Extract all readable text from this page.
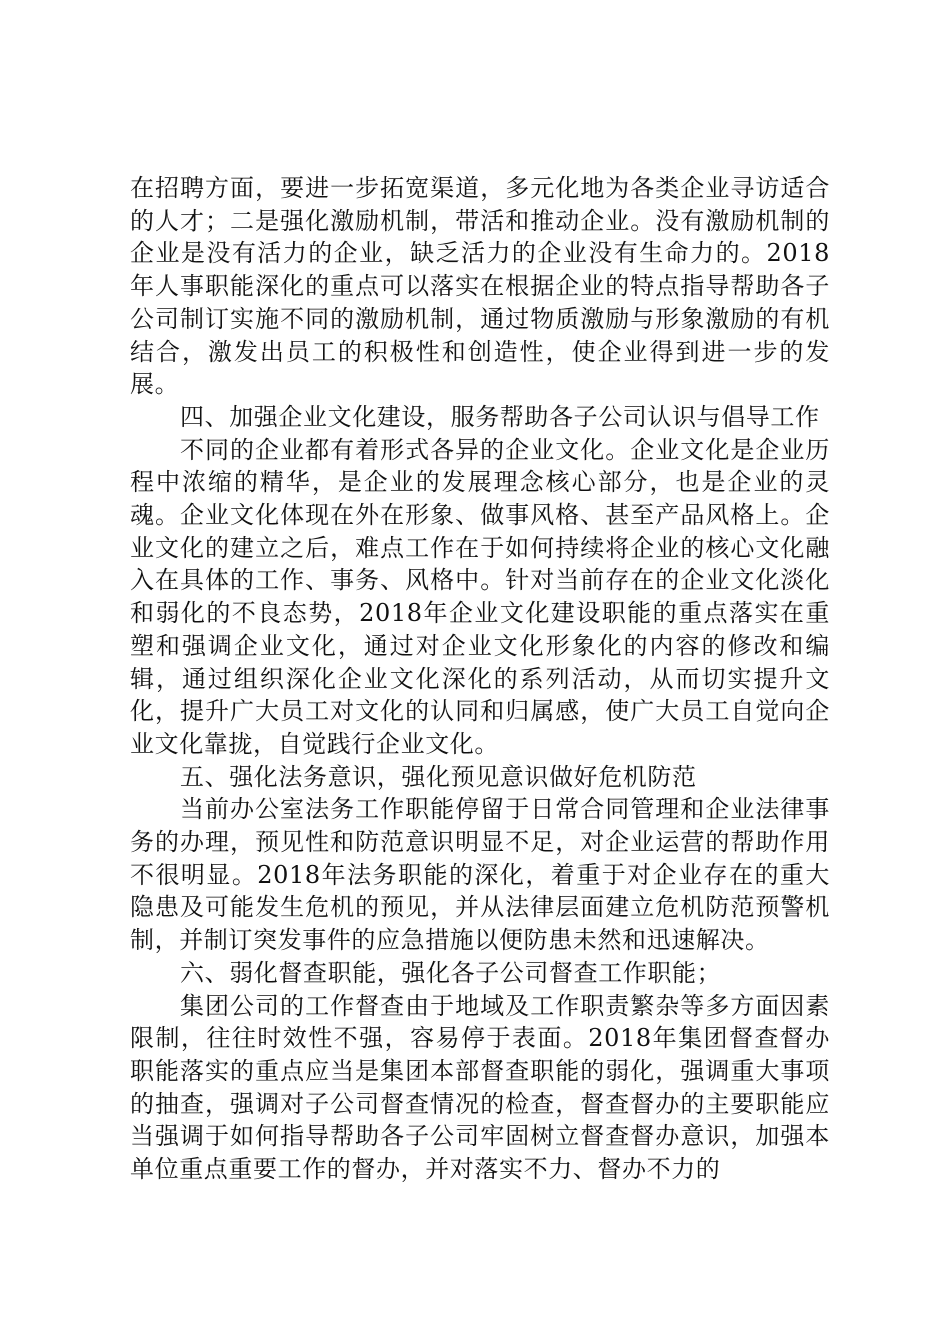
在招聘方面，要进一步拓宽渠道，多元化地为各类企业寻访适合的人才；二是强化激励机制，带活和推动企业。没有激励机制的企业是没有活力的企业，缺乏活力的企业没有生命力的。2018年人事职能深化的重点可以落实在根据企业的特点指导帮助各子公司制订实施不同的激励机制，通过物质激励与形象激励的有机结合，激发出员工的积极性和创造性，使企业得到进一步的发展。

四、加强企业文化建设，服务帮助各子公司认识与倡导工作

不同的企业都有着形式各异的企业文化。企业文化是企业历程中浓缩的精华，是企业的发展理念核心部分，也是企业的灵魂。企业文化体现在外在形象、做事风格、甚至产品风格上。企业文化的建立之后，难点工作在于如何持续将企业的核心文化融入在具体的工作、事务、风格中。针对当前存在的企业文化淡化和弱化的不良态势，2018年企业文化建设职能的重点落实在重塑和强调企业文化，通过对企业文化形象化的内容的修改和编辑，通过组织深化企业文化深化的系列活动，从而切实提升文化，提升广大员工对文化的认同和归属感，使广大员工自觉向企业文化靠拢，自觉践行企业文化。

五、强化法务意识，强化预见意识做好危机防范

当前办公室法务工作职能停留于日常合同管理和企业法律事务的办理，预见性和防范意识明显不足，对企业运营的帮助作用不很明显。2018年法务职能的深化，着重于对企业存在的重大隐患及可能发生危机的预见，并从法律层面建立危机防范预警机制，并制订突发事件的应急措施以便防患未然和迅速解决。

六、弱化督查职能，强化各子公司督查工作职能；

集团公司的工作督查由于地域及工作职责繁杂等多方面因素限制，往往时效性不强，容易停于表面。2018年集团督查督办职能落实的重点应当是集团本部督查职能的弱化，强调重大事项的抽查，强调对子公司督查情况的检查，督查督办的主要职能应当强调于如何指导帮助各子公司牢固树立督查督办意识，加强本单位重点重要工作的督办，并对落实不力、督办不力的
